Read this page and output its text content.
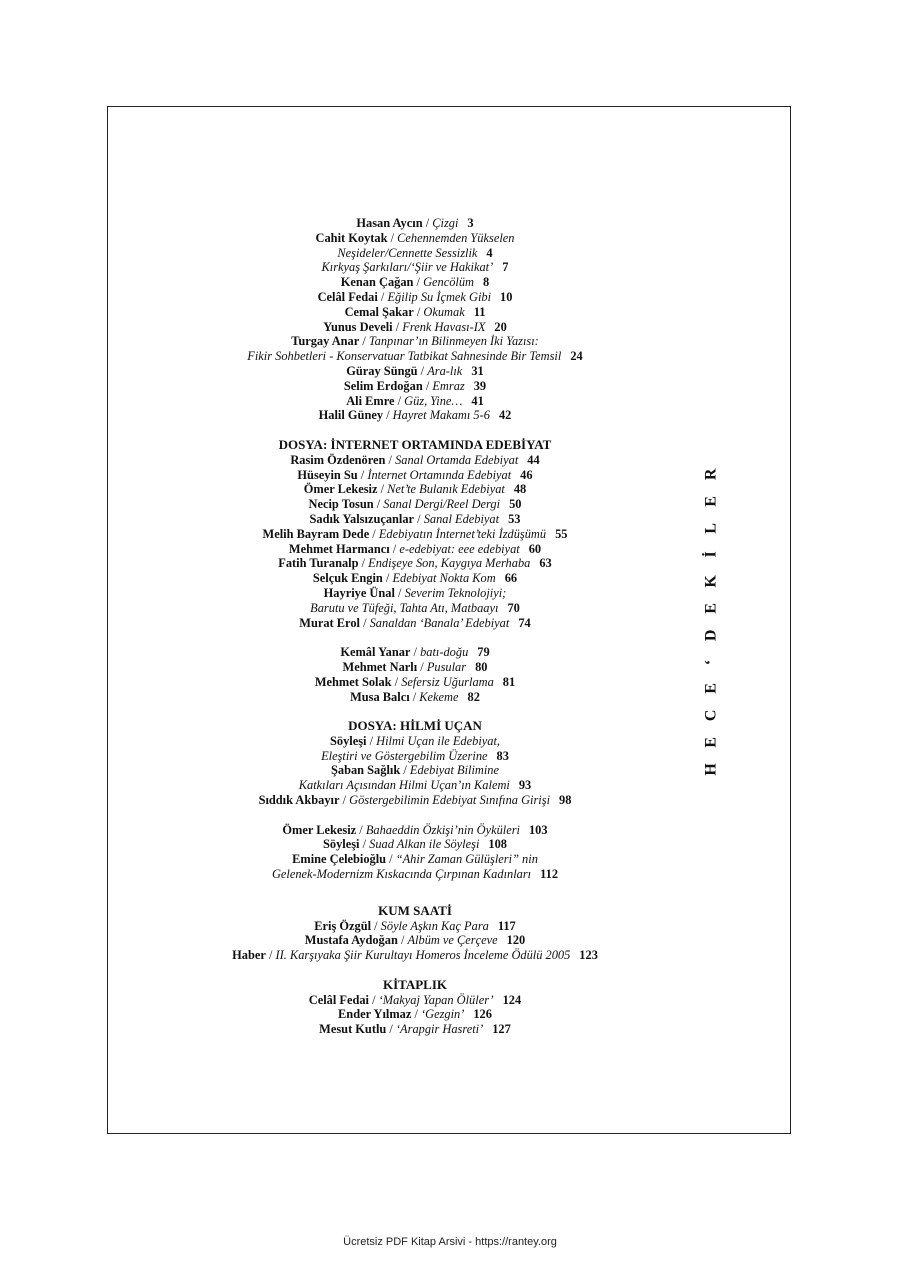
Hasan Aycın / Çizgi 3
Cahit Koytak / Cehennemden Yükselen
Neşideler/Cennette Sessizlik 4
Kırkyaş Şarkıları/‘Şiir ve Hakikat’ 7
Kenan Çağan / Gencölüm 8
Celâl Fedai / Eğilip Su İçmek Gibi 10
Cemal Şakar / Okumak 11
Yunus Develi / Frenk Havası-IX 20
Turgay Anar / Tanpınar’ın Bilinmeyen İki Yazısı:
Fikir Sohbetleri - Konservatuar Tatbikat Sahnesinde Bir Temsil 24
Güray Süngü / Ara-lık 31
Selim Erdoğan / Emraz 39
Ali Emre / Güz, Yine… 41
Halil Güney / Hayret Makamı 5-6 42
DOSYA: İNTERNET ORTAMINDA EDEBİYAT
Rasim Özdenören / Sanal Ortamda Edebiyat 44
Hüseyin Su / İnternet Ortamında Edebiyat 46
Ömer Lekesiz / Net’te Bulanık Edebiyat 48
Necip Tosun / Sanal Dergi/Reel Dergi 50
Sadık Yalsızuçanlar / Sanal Edebiyat 53
Melih Bayram Dede / Edebiyatın İnternet’teki İzdüşümü 55
Mehmet Harmancı / e-edebiyat: eee edebiyat 60
Fatih Turanalp / Endişeye Son, Kaygıya Merhaba 63
Selçuk Engin / Edebiyat Nokta Kom 66
Hayriye Ünal / Severim Teknolojiyi;
Barutu ve Tüfeği, Tahta Atı, Matbaayı 70
Murat Erol / Sanaldan ‘Banala’ Edebiyat 74
Kemâl Yanar / batı-doğu 79
Mehmet Narlı / Pusular 80
Mehmet Solak / Sefersiz Uğurlama 81
Musa Balcı / Kekeme 82
DOSYA: HİLMİ UÇAN
Söyleşi / Hilmi Uçan ile Edebiyat,
Eleştiri ve Göstergebilim Üzerine 83
Şaban Sağlık / Edebiyat Bilimine
Katkıları Açısından Hilmi Uçan’ın Kalemi 93
Sıddık Akbayır / Göstergebilimin Edebiyat Sınıfına Girişi 98
Ömer Lekesiz / Bahaeddin Özkişi’nin Öyküleri 103
Söyleşi / Suad Alkan ile Söyleşi 108
Emine Çelebioğlu / “Ahir Zaman Gülüşleri” nin
Gelenek-Modernizm Kıskacında Çırpınan Kadınları 112
KUM SAATİ
Eriş Özgül / Söyle Aşkın Kaç Para 117
Mustafa Aydoğan / Albüm ve Çerçeve 120
Haber / II. Karşıyaka Şiir Kurultayı Homeros İnceleme Ödülü 2005 123
KİTAPLIK
Celâl Fedai / ‘Makyaj Yapan Ölüler’ 124
Ender Yılmaz / ‘Gezgin’ 126
Mesut Kutlu / ‘Arapgir Hasreti’ 127
R
E
L
İ
K
E
D
‘
E
C
E
H
Ücretsiz PDF Kitap Arsivi - https://rantey.org
